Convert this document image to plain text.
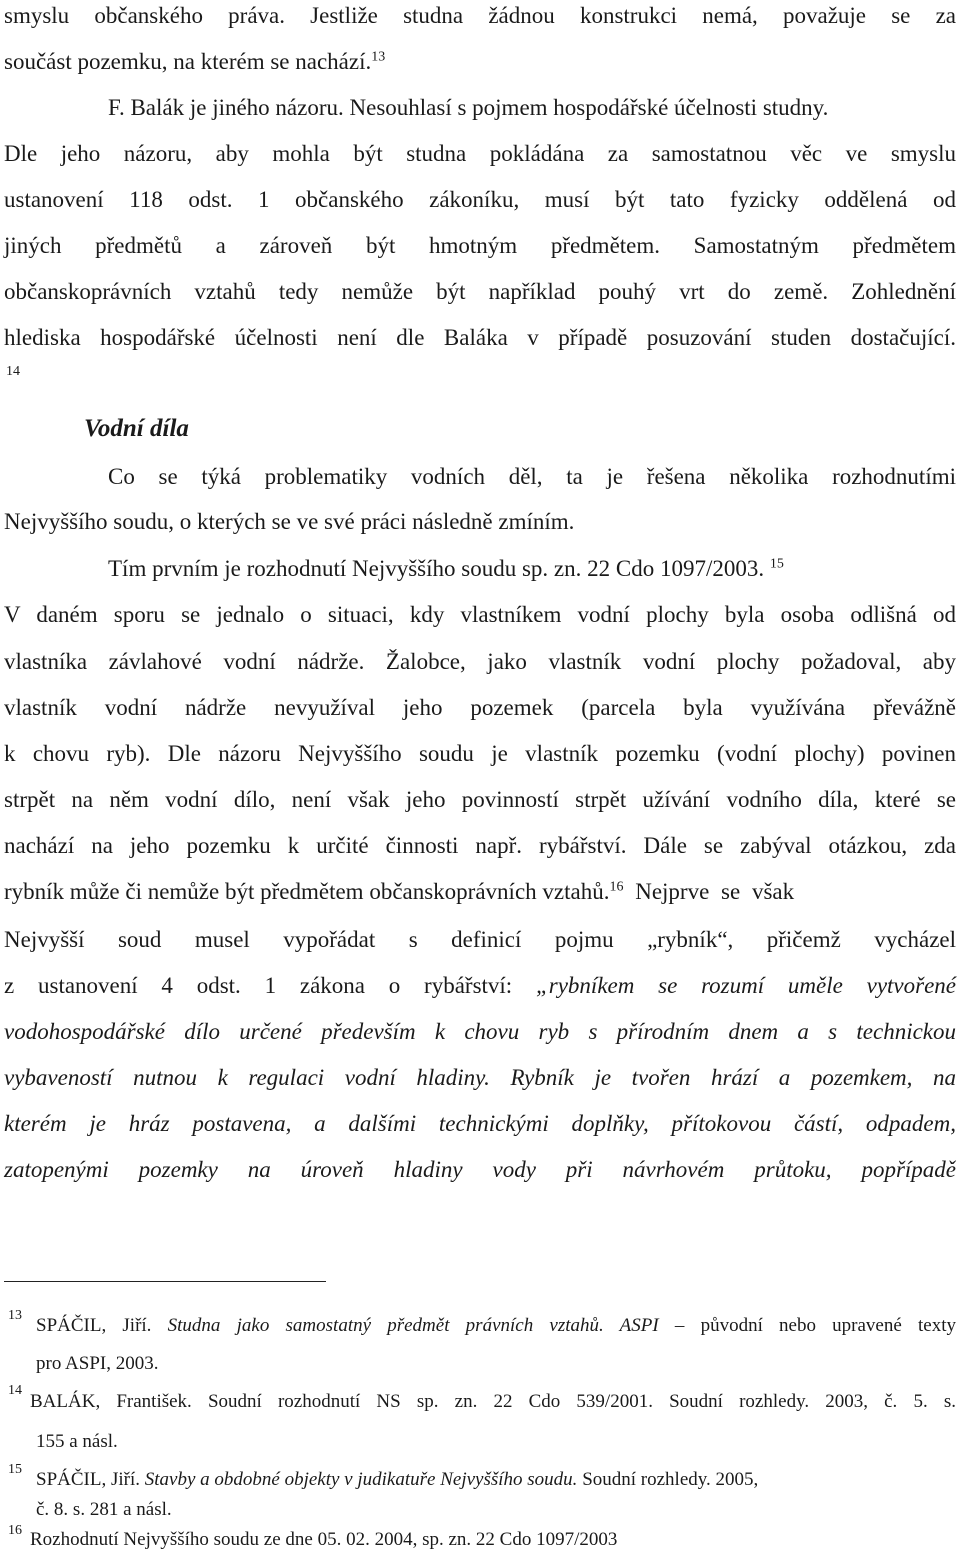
smyslu občanského práva. Jestliže studna žádnou konstrukci nemá, považuje se za
součást pozemku, na kterém se nachází.$^{13}$
F. Balák je jiného názoru. Nesouhlasí s pojmem hospodářské účelnosti studny.
Dle jeho názoru, aby mohla být studna pokládána za samostatnou věc ve smyslu
ustanovení 118 odst. 1 občanského zákoníku, musí být tato fyzicky oddělená od
jiných předmětů a zároveň být hmotným předmětem. Samostatným předmětem
občanskoprávních vztahů tedy nemůže být například pouhý vrt do země. Zohlednění
hlediska hospodářské účelnosti není dle Baláka v případě posuzování studen dostačující.
14
Vodní díla
Co se týká problematiky vodních děl, ta je řešena několika rozhodnutími
Nejvyššího soudu, o kterých se ve své práci následně zmíním.
Tím prvním je rozhodnutí Nejvyššího soudu sp. zn. 22 Cdo 1097/2003. $^{15}$
V daném sporu se jednalo o situaci, kdy vlastníkem vodní plochy byla osoba odlišná od
vlastníka závlahové vodní nádrže. Žalobce, jako vlastník vodní plochy požadoval, aby
vlastník vodní nádrže nevyužíval jeho pozemek (parcela byla využívána převážně
k chovu ryb). Dle názoru Nejvyššího soudu je vlastník pozemku (vodní plochy) povinen
strpět na něm vodní dílo, není však jeho povinností strpět užívání vodního díla, které se
nachází na jeho pozemku k určité činnosti např. rybářství. Dále se zabýval otázkou, zda
rybník může či nemůže být předmětem občanskoprávních vztahů.$^{16}$ Nejprve se však
Nejvyšší soud musel vypořádat s definicí pojmu „rybník“, přičemž vycházel
z ustanovení 4 odst. 1 zákona o rybářství: „rybníkem se rozumí uměle vytvořené
vodohospodářské dílo určené především k chovu ryb s přírodním dnem a s technickou
vybaveností nutnou k regulaci vodní hladiny. Rybník je tvořen hrází a pozemkem, na
kterém je hráz postavena, a dalšími technickými doplňky, přítokovou částí, odpadem,
zatopenými pozemky na úroveň hladiny vody při návrhovém průtoku, popřípadě
13 SPÁČIL, Jiří. Studna jako samostatný předmět právních vztahů. ASPI – původní nebo upravené texty
pro ASPI, 2003.
14
BALÁK, František. Soudní rozhodnutí NS sp. zn. 22 Cdo 539/2001. Soudní rozhledy. 2003, č. 5. s.
155 a násl.
15 SPÁČIL, Jiří. Stavby a obdobné objekty v judikatuře Nejvyššího soudu. Soudní rozhledy. 2005,
č. 8. s. 281 a násl.
16 Rozhodnutí Nejvyššího soudu ze dne 05. 02. 2004, sp. zn. 22 Cdo 1097/2003
